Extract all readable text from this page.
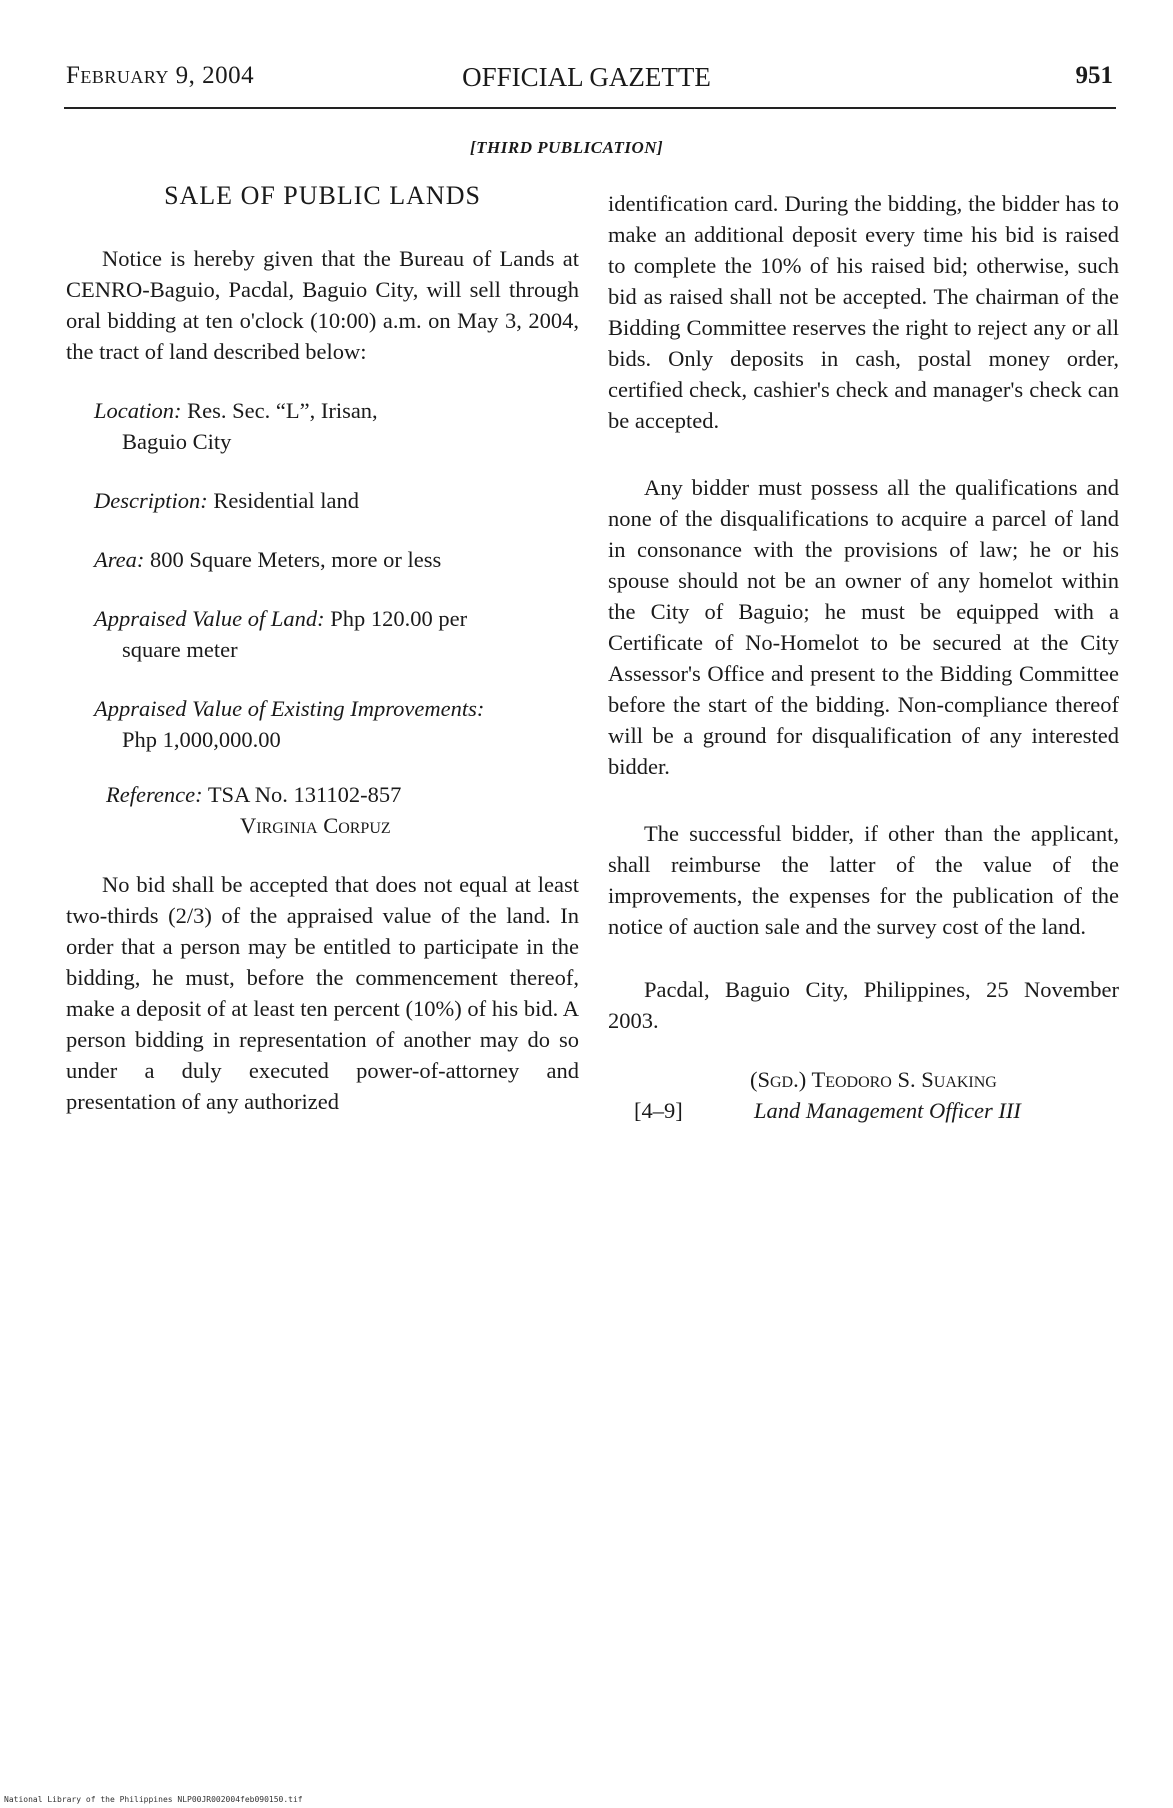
February 9, 2004	OFFICIAL GAZETTE	951
[THIRD PUBLICATION]
SALE OF PUBLIC LANDS

Notice is hereby given that the Bureau of Lands at CENRO-Baguio, Pacdal, Baguio City, will sell through oral bidding at ten o'clock (10:00) a.m. on May 3, 2004, the tract of land described below:

Location: Res. Sec. “L”, Irisan,
Baguio City
Description: Residential land
Area: 800 Square Meters, more or less
Appraised Value of Land: Php 120.00 per
square meter
Appraised Value of Existing Improvements:
Php 1,000,000.00
Reference: TSA No. 131102-857
Virginia Corpuz

No bid shall be accepted that does not equal at least two-thirds (2/3) of the appraised value of the land. In order that a person may be entitled to participate in the bidding, he must, before the commencement thereof, make a deposit of at least ten percent (10%) of his bid. A person bidding in representation of another may do so under a duly executed power-of-attorney and presentation of any authorized

identification card. During the bidding, the bidder has to make an additional deposit every time his bid is raised to complete the 10% of his raised bid; otherwise, such bid as raised shall not be accepted. The chairman of the Bidding Committee reserves the right to reject any or all bids. Only deposits in cash, postal money order, certified check, cashier's check and manager's check can be accepted.

Any bidder must possess all the qualifications and none of the disqualifications to acquire a parcel of land in consonance with the provisions of law; he or his spouse should not be an owner of any homelot within the City of Baguio; he must be equipped with a Certificate of No-Homelot to be secured at the City Assessor's Office and present to the Bidding Committee before the start of the bidding. Non-compliance thereof will be a ground for disqualification of any interested bidder.

The successful bidder, if other than the applicant, shall reimburse the latter of the value of the improvements, the expenses for the publication of the notice of auction sale and the survey cost of the land.

Pacdal, Baguio City, Philippines, 25 November 2003.

(Sgd.) Teodoro S. Suaking
[4–9]	Land Management Officer III
National Library of the Philippines NLP00JR002004feb090150.tif
